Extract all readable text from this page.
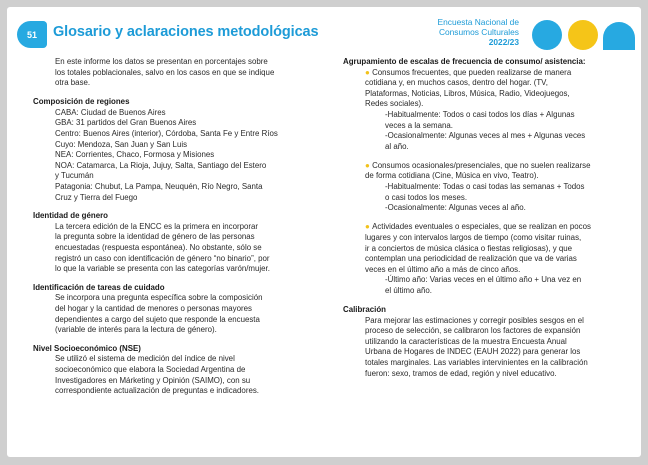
51	Glosario y aclaraciones metodológicas
Encuesta Nacional de
Consumos Culturales
2022/23
En este informe los datos se presentan en porcentajes sobre
los totales poblacionales, salvo en los casos en que se indique
otra base.
Composición de regiones
CABA: Ciudad de Buenos Aires
GBA: 31 partidos del Gran Buenos Aires
Centro: Buenos Aires (interior), Córdoba, Santa Fe y Entre Ríos
Cuyo: Mendoza, San Juan y San Luis
NEA: Corrientes, Chaco, Formosa y Misiones
NOA: Catamarca, La Rioja, Jujuy, Salta, Santiago del Estero
y Tucumán
Patagonia: Chubut, La Pampa, Neuquén, Río Negro, Santa
Cruz y Tierra del Fuego
Identidad de género
La tercera edición de la ENCC es la primera en incorporar
la pregunta sobre la identidad de género de las personas
encuestadas (respuesta espontánea). No obstante, sólo se
registró un caso con identificación de género “no binario”, por
lo que la variable se presenta con las categorías varón/mujer.
Identificación de tareas de cuidado
Se incorpora una pregunta específica sobre la composición
del hogar y la cantidad de menores o personas mayores
dependientes a cargo del sujeto que responde la encuesta
(variable de interés para la lectura de género).
Nivel Socioeconómico (NSE)
Se utilizó el sistema de medición del índice de nivel
socioeconómico que elabora la Sociedad Argentina de
Investigadores en Márketing y Opinión (SAIMO), con su
correspondiente actualización de preguntas e indicadores.
Agrupamiento de escalas de frecuencia de consumo/ asistencia:
● Consumos frecuentes, que pueden realizarse de manera
cotidiana y, en muchos casos, dentro del hogar. (TV,
Plataformas, Noticias, Libros, Música, Radio, Videojuegos,
Redes sociales).
-Habitualmente: Todos o casi todos los días + Algunas
veces a la semana.
-Ocasionalmente: Algunas veces al mes + Algunas veces
al año.
● Consumos ocasionales/presenciales, que no suelen realizarse
de forma cotidiana (Cine, Música en vivo, Teatro).
-Habitualmente: Todas o casi todas las semanas + Todos
o casi todos los meses.
-Ocasionalmente: Algunas veces al año.
● Actividades eventuales o especiales, que se realizan en pocos
lugares y con intervalos largos de tiempo (como visitar ruinas,
ir a conciertos de música clásica o fiestas religiosas), y que
contemplan una periodicidad de realización que va de varias
veces en el último año a más de cinco años.
-Último año: Varias veces en el último año + Una vez en
el último año.
Calibración
Para mejorar las estimaciones y corregir posibles sesgos en el
proceso de selección, se calibraron los factores de expansión
utilizando la características de la muestra Encuesta Anual
Urbana de Hogares de INDEC (EAUH 2022) para generar los
totales marginales. Las variables intervinientes en la calibración
fueron: sexo, tramos de edad, región y nivel educativo.
